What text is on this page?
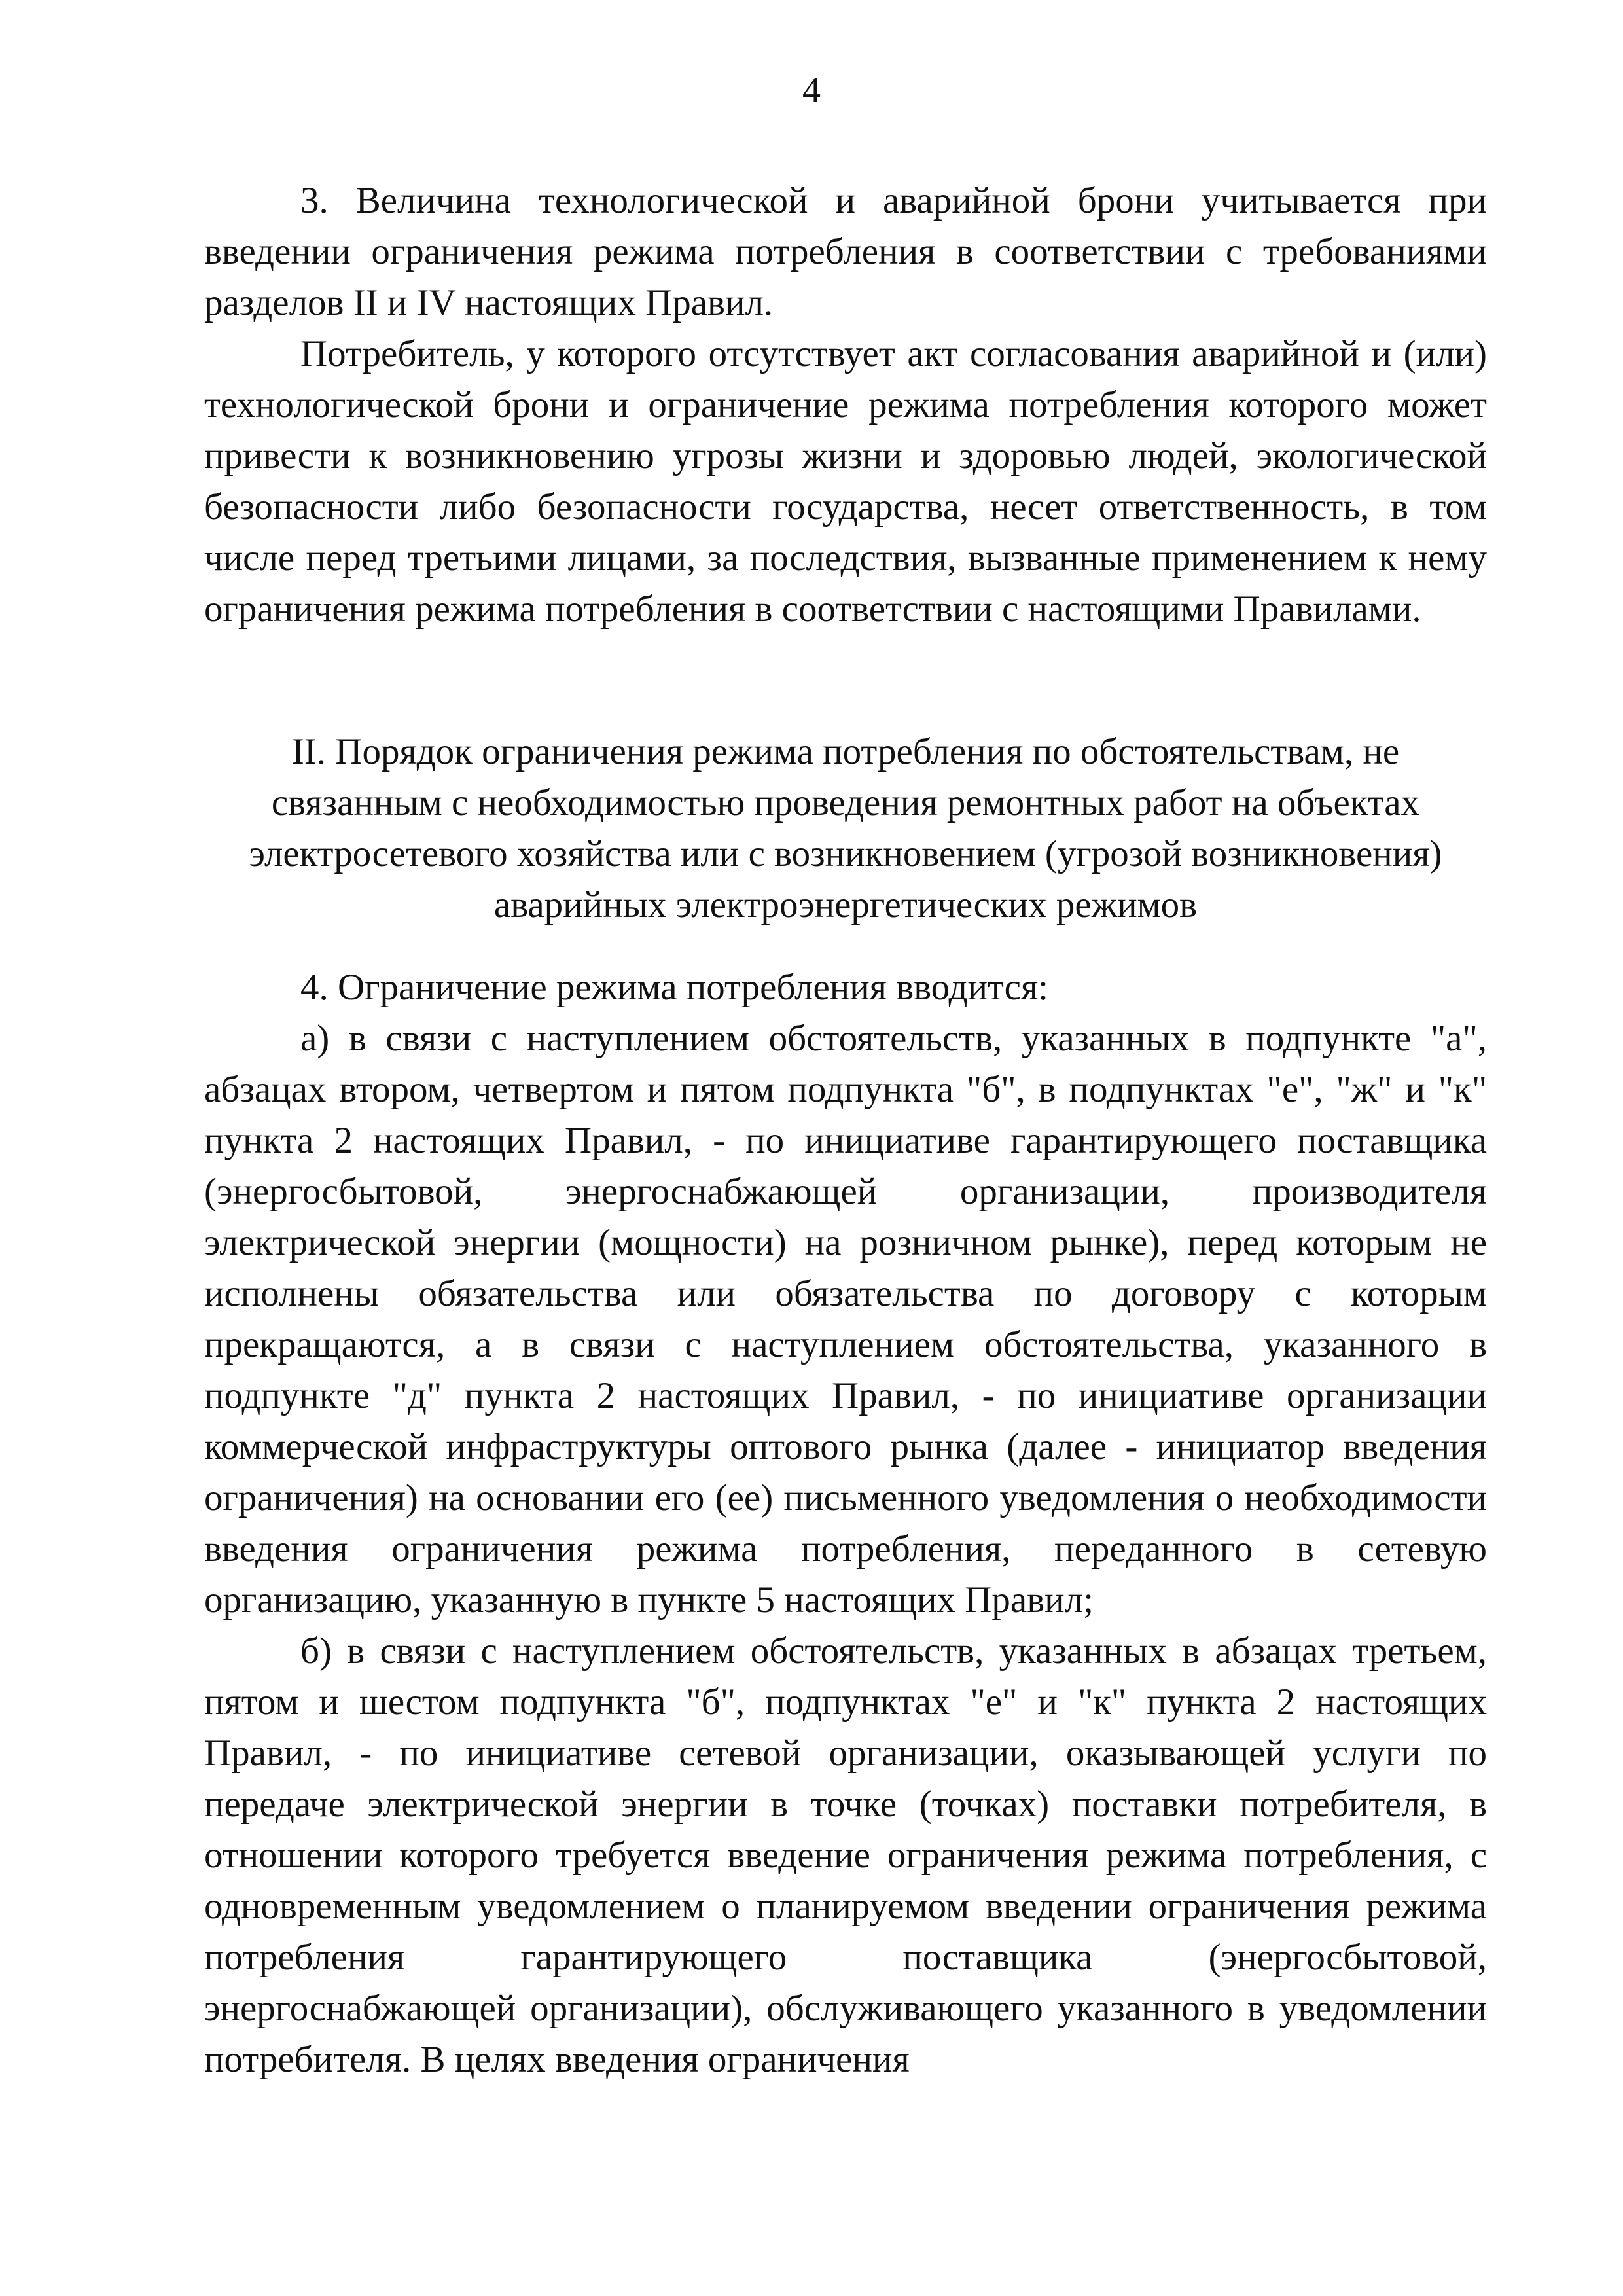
4

3. Величина технологической и аварийной брони учитывается при введении ограничения режима потребления в соответствии с требованиями разделов II и IV настоящих Правил.

Потребитель, у которого отсутствует акт согласования аварийной и (или) технологической брони и ограничение режима потребления которого может привести к возникновению угрозы жизни и здоровью людей, экологической безопасности либо безопасности государства, несет ответственность, в том числе перед третьими лицами, за последствия, вызванные применением к нему ограничения режима потребления в соответствии с настоящими Правилами.

II. Порядок ограничения режима потребления по обстоятельствам, не связанным с необходимостью проведения ремонтных работ на объектах электросетевого хозяйства или с возникновением (угрозой возникновения) аварийных электроэнергетических режимов

4. Ограничение режима потребления вводится:

а) в связи с наступлением обстоятельств, указанных в подпункте "а", абзацах втором, четвертом и пятом подпункта "б", в подпунктах "е", "ж" и "к" пункта 2 настоящих Правил, - по инициативе гарантирующего поставщика (энергосбытовой, энергоснабжающей организации, производителя электрической энергии (мощности) на розничном рынке), перед которым не исполнены обязательства или обязательства по договору с которым прекращаются, а в связи с наступлением обстоятельства, указанного в подпункте "д" пункта 2 настоящих Правил, - по инициативе организации коммерческой инфраструктуры оптового рынка (далее - инициатор введения ограничения) на основании его (ее) письменного уведомления о необходимости введения ограничения режима потребления, переданного в сетевую организацию, указанную в пункте 5 настоящих Правил;

б) в связи с наступлением обстоятельств, указанных в абзацах третьем, пятом и шестом подпункта "б", подпунктах "е" и "к" пункта 2 настоящих Правил, - по инициативе сетевой организации, оказывающей услуги по передаче электрической энергии в точке (точках) поставки потребителя, в отношении которого требуется введение ограничения режима потребления, с одновременным уведомлением о планируемом введении ограничения режима потребления гарантирующего поставщика (энергосбытовой, энергоснабжающей организации), обслуживающего указанного в уведомлении потребителя. В целях введения ограничения
